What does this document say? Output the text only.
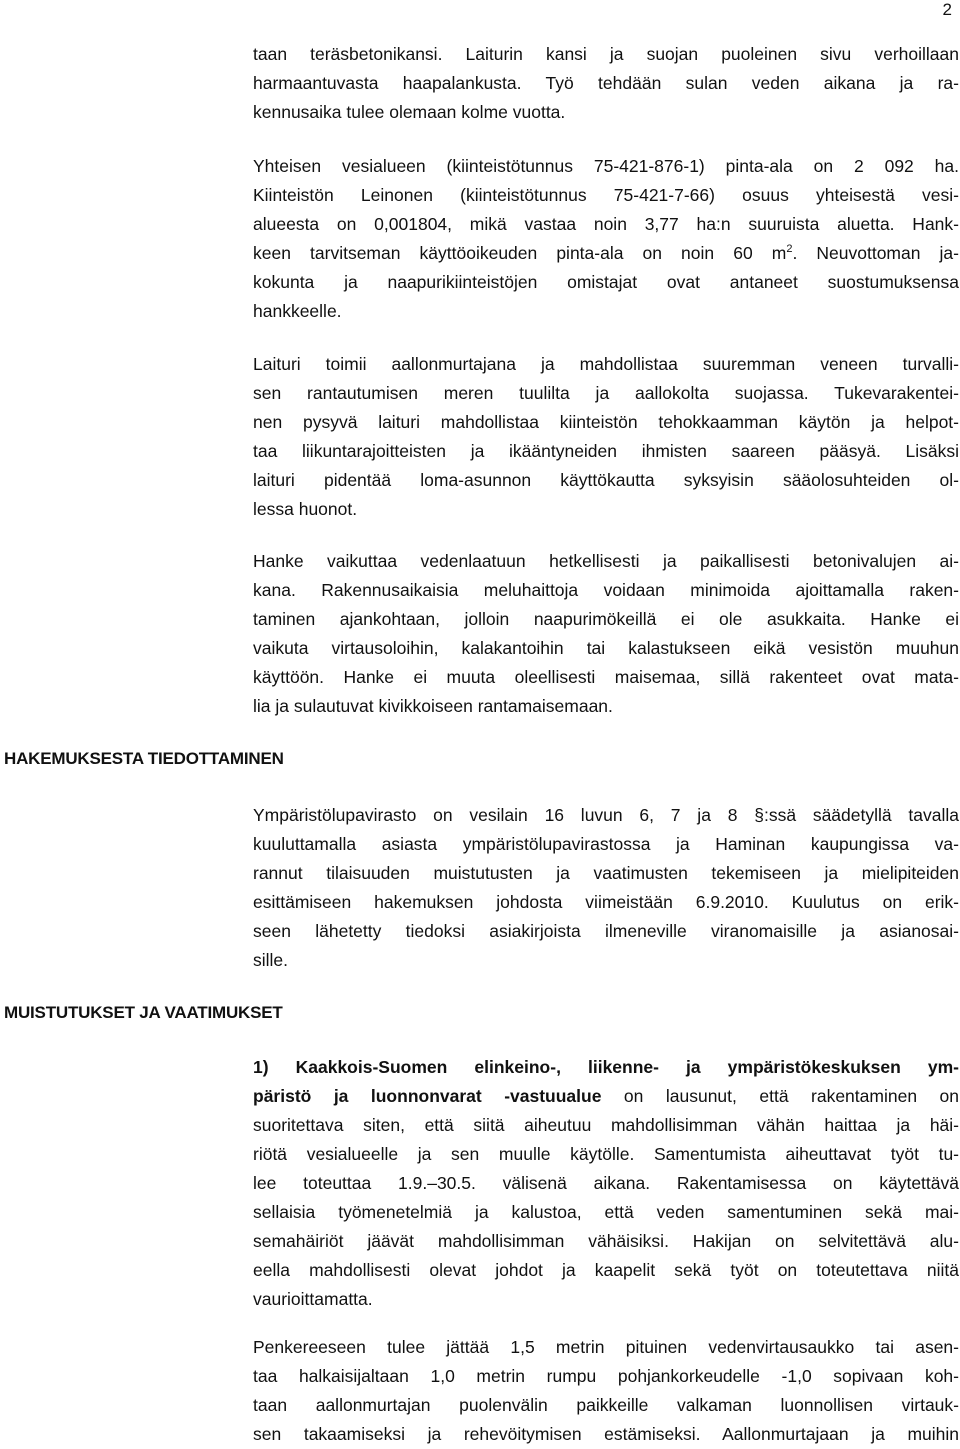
2
taan teräsbetonikansi. Laiturin kansi ja suojan puoleinen sivu verhoillaan
harmaantuvasta haapalankusta. Työ tehdään sulan veden aikana ja ra-
kennusaika tulee olemaan kolme vuotta.
Yhteisen vesialueen (kiinteistötunnus 75-421-876-1) pinta-ala on 2 092 ha.
Kiinteistön Leinonen (kiinteistötunnus 75-421-7-66) osuus yhteisestä vesi-
alueesta on 0,001804, mikä vastaa noin 3,77 ha:n suuruista aluetta. Hank-
keen tarvitseman käyttöoikeuden pinta-ala on noin 60 $m^2$. Neuvottoman ja-
kokunta ja naapurikiinteistöjen omistajat ovat antaneet suostumuksensa
hankkeelle.
Laituri toimii aallonmurtajana ja mahdollistaa suuremman veneen turvalli-
sen rantautumisen meren tuulilta ja aallokolta suojassa. Tukevarakentei-
nen pysyvä laituri mahdollistaa kiinteistön tehokkaamman käytön ja helpot-
taa liikuntarajoitteisten ja ikääntyneiden ihmisten saareen pääsyä. Lisäksi
laituri pidentää loma-asunnon käyttökautta syksyisin sääolosuhteiden ol-
lessa huonot.
Hanke vaikuttaa vedenlaatuun hetkellisesti ja paikallisesti betonivalujen ai-
kana. Rakennusaikaisia meluhaittoja voidaan minimoida ajoittamalla raken-
taminen ajankohtaan, jolloin naapurimökeillä ei ole asukkaita. Hanke ei
vaikuta virtausoloihin, kalakantoihin tai kalastukseen eikä vesistön muuhun
käyttöön. Hanke ei muuta oleellisesti maisemaa, sillä rakenteet ovat mata-
lia ja sulautuvat kivikkoiseen rantamaisemaan.
HAKEMUKSESTA TIEDOTTAMINEN
Ympäristölupavirasto on vesilain 16 luvun 6, 7 ja 8 §:ssä säädetyllä tavalla
kuuluttamalla asiasta ympäristölupavirastossa ja Haminan kaupungissa va-
rannut tilaisuuden muistutusten ja vaatimusten tekemiseen ja mielipiteiden
esittämiseen hakemuksen johdosta viimeistään 6.9.2010. Kuulutus on erik-
seen lähetetty tiedoksi asiakirjoista ilmeneville viranomaisille ja asianosai-
sille.
MUISTUTUKSET JA VAATIMUKSET
1) Kaakkois-Suomen elinkeino-, liikenne- ja ympäristökeskuksen ym-
päristö ja luonnonvarat -vastuualue on lausunut, että rakentaminen on
suoritettava siten, että siitä aiheutuu mahdollisimman vähän haittaa ja häi-
riötä vesialueelle ja sen muulle käytölle. Samentumista aiheuttavat työt tu-
lee toteuttaa 1.9.–30.5. välisenä aikana. Rakentamisessa on käytettävä
sellaisia työmenetelmiä ja kalustoa, että veden samentuminen sekä mai-
semahäiriöt jäävät mahdollisimman vähäisiksi. Hakijan on selvitettävä alu-
eella mahdollisesti olevat johdot ja kaapelit sekä työt on toteutettava niitä
vaurioittamatta.
Penkereeseen tulee jättää 1,5 metrin pituinen vedenvirtausaukko tai asen-
taa halkaisijaltaan 1,0 metrin rumpu pohjankorkeudelle -1,0 sopivaan koh-
taan aallonmurtajan puolenvälin paikkeille valkaman luonnollisen virtauk-
sen takaamiseksi ja rehevöitymisen estämiseksi. Aallonmurtajaan ja muihin
